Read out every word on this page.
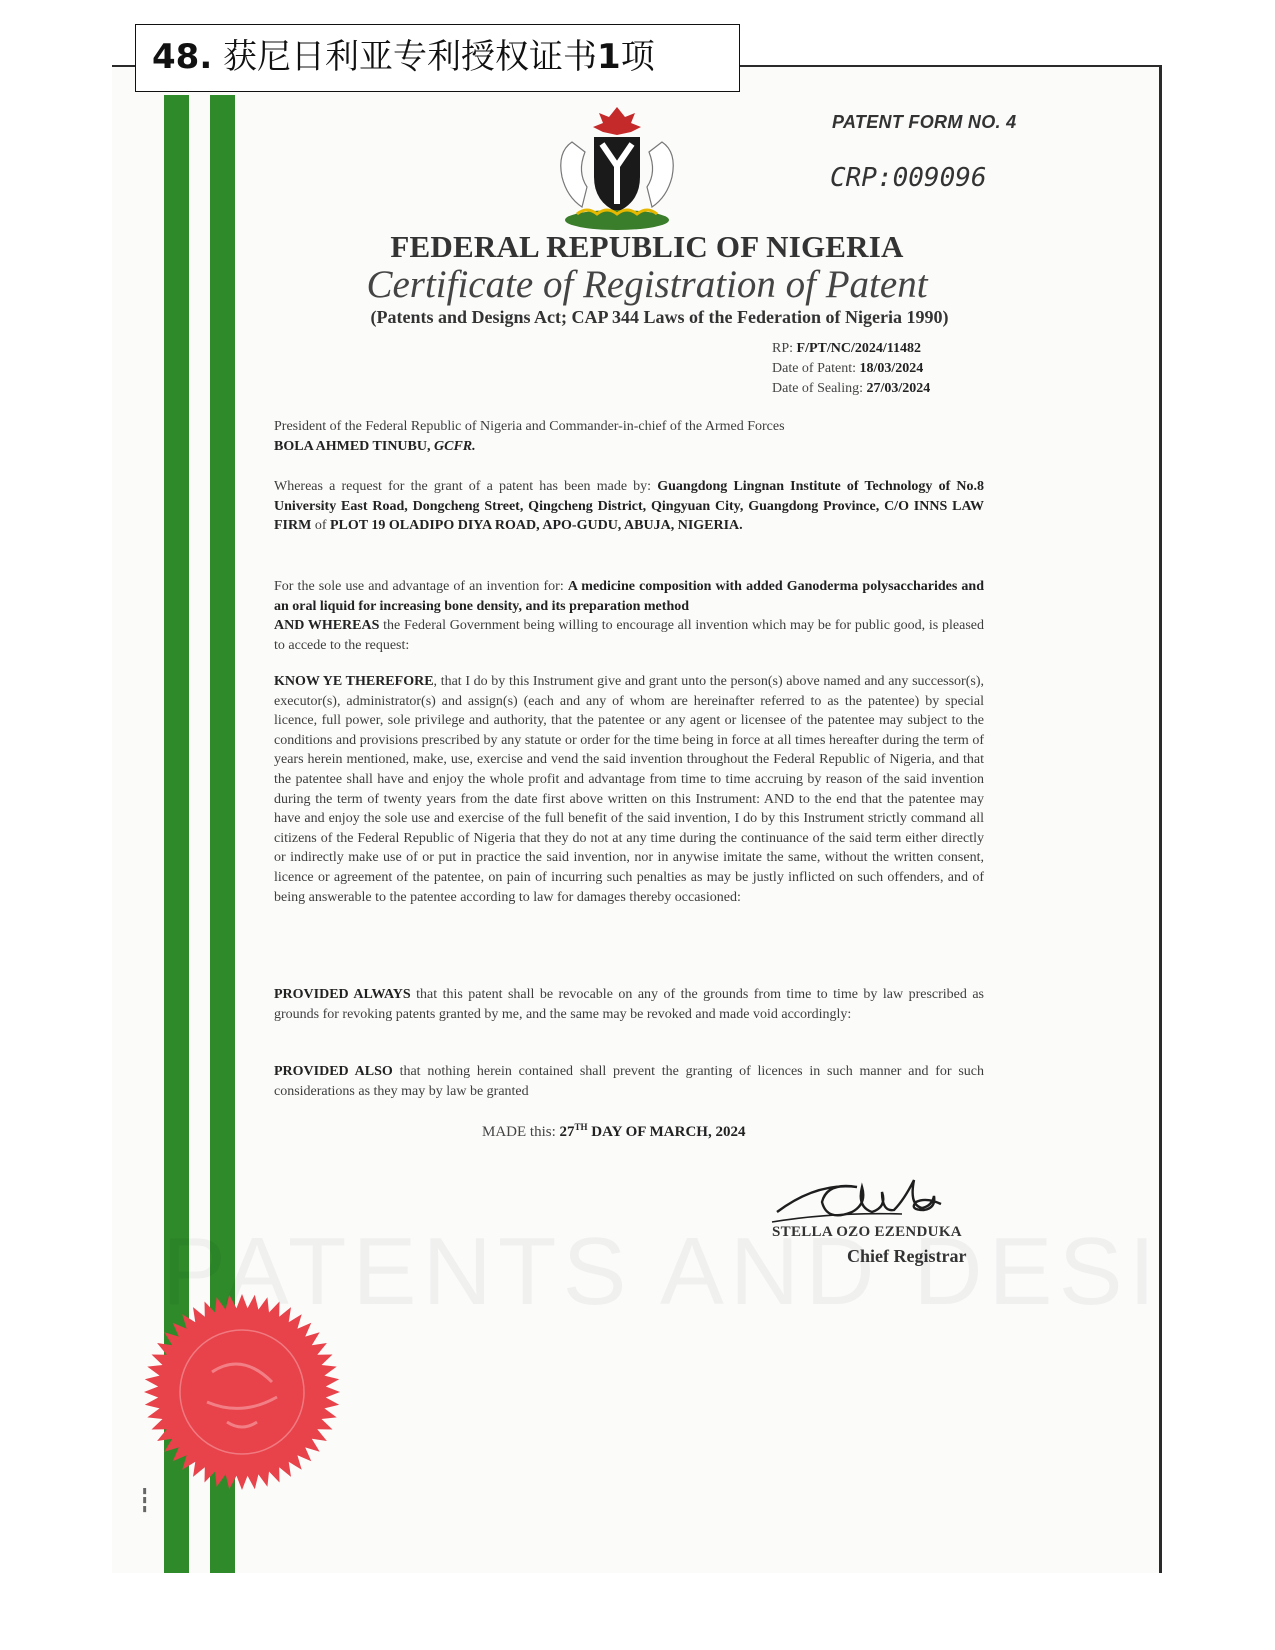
48. 获尼日利亚专利授权证书1项
PATENT FORM NO. 4
CRP:009096
FEDERAL REPUBLIC OF NIGERIA
Certificate of Registration of Patent
(Patents and Designs Act; CAP 344 Laws of the Federation of Nigeria 1990)
RP: F/PT/NC/2024/11482
Date of Patent: 18/03/2024
Date of Sealing: 27/03/2024
President of the Federal Republic of Nigeria and Commander-in-chief of the Armed Forces
BOLA AHMED TINUBU, GCFR.
Whereas a request for the grant of a patent has been made by: Guangdong Lingnan Institute of Technology of No.8 University East Road, Dongcheng Street, Qingcheng District, Qingyuan City, Guangdong Province, C/O INNS LAW FIRM of PLOT 19 OLADIPO DIYA ROAD, APO-GUDU, ABUJA, NIGERIA.
For the sole use and advantage of an invention for: A medicine composition with added Ganoderma polysaccharides and an oral liquid for increasing bone density, and its preparation method
AND WHEREAS the Federal Government being willing to encourage all invention which may be for public good, is pleased to accede to the request:
KNOW YE THEREFORE, that I do by this Instrument give and grant unto the person(s) above named and any successor(s), executor(s), administrator(s) and assign(s) (each and any of whom are hereinafter referred to as the patentee) by special licence, full power, sole privilege and authority, that the patentee or any agent or licensee of the patentee may subject to the conditions and provisions prescribed by any statute or order for the time being in force at all times hereafter during the term of years herein mentioned, make, use, exercise and vend the said invention throughout the Federal Republic of Nigeria, and that the patentee shall have and enjoy the whole profit and advantage from time to time accruing by reason of the said invention during the term of twenty years from the date first above written on this Instrument: AND to the end that the patentee may have and enjoy the sole use and exercise of the full benefit of the said invention, I do by this Instrument strictly command all citizens of the Federal Republic of Nigeria that they do not at any time during the continuance of the said term either directly or indirectly make use of or put in practice the said invention, nor in anywise imitate the same, without the written consent, licence or agreement of the patentee, on pain of incurring such penalties as may be justly inflicted on such offenders, and of being answerable to the patentee according to law for damages thereby occasioned:
PROVIDED ALWAYS that this patent shall be revocable on any of the grounds from time to time by law prescribed as grounds for revoking patents granted by me, and the same may be revoked and made void accordingly:
PROVIDED ALSO that nothing herein contained shall prevent the granting of licences in such manner and for such considerations as they may by law be granted
MADE this: 27TH DAY OF MARCH, 2024
STELLA OZO EZENDUKA
Chief Registrar
▮▮▮
